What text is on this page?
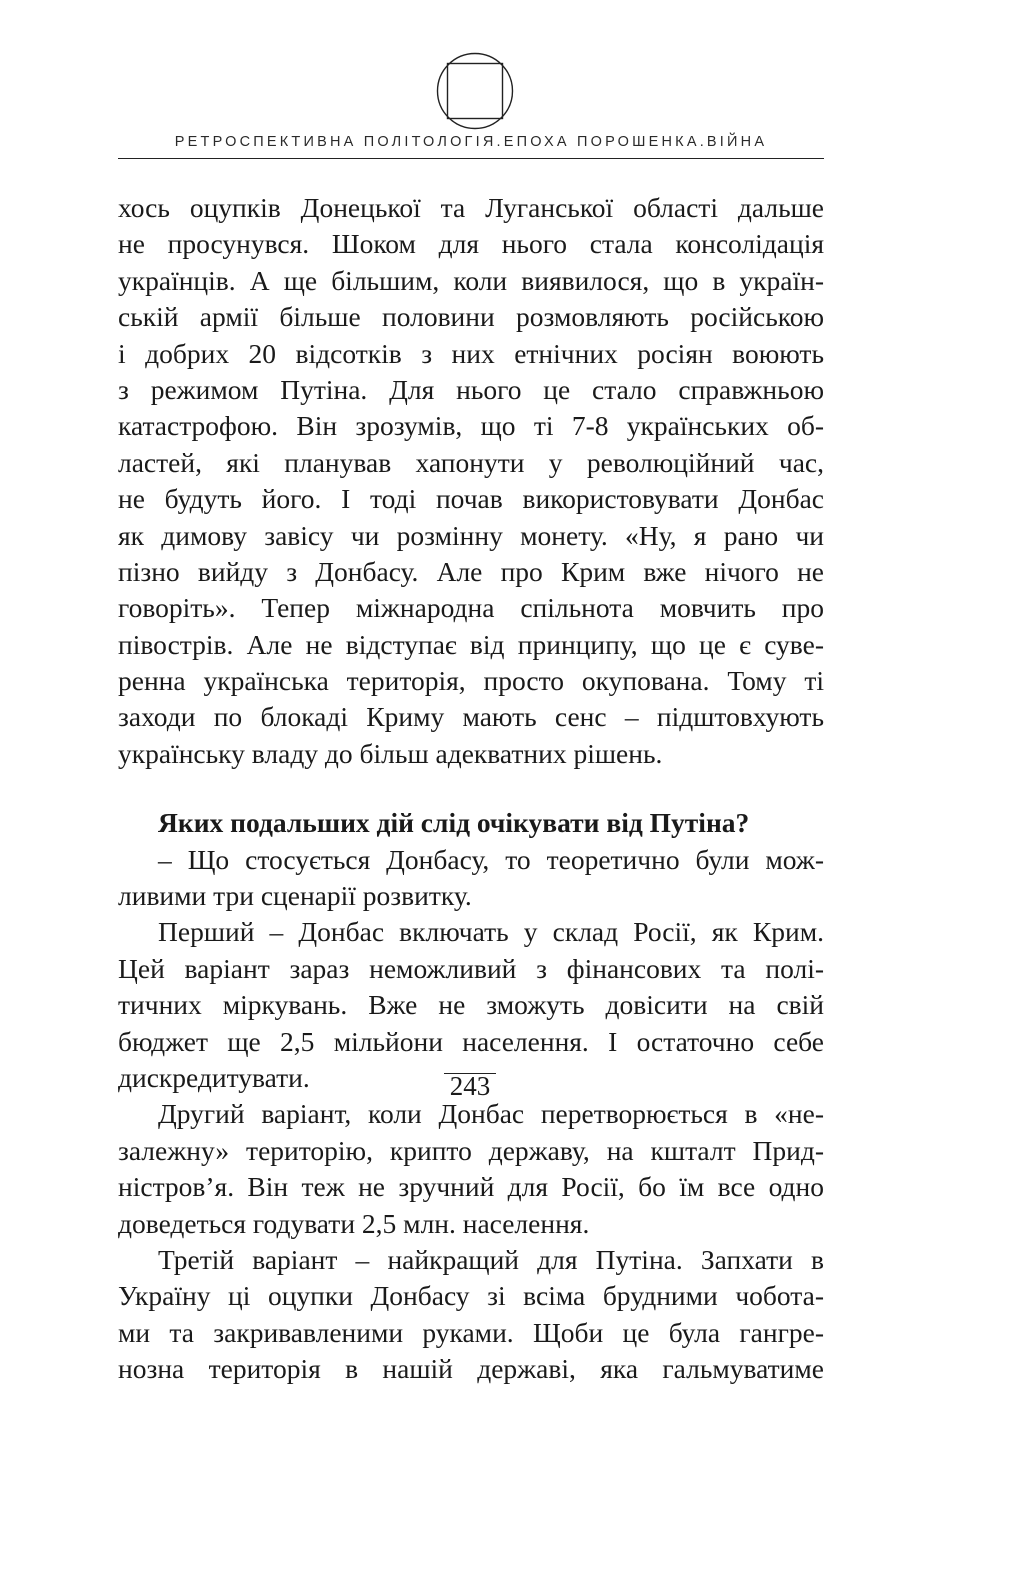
РЕТРОСПЕКТИВНА ПОЛІТОЛОГІЯ.ЕПОХА ПОРОШЕНКА.ВІЙНА
хось оцупків Донецької та Луганської області дальше
не просунувся. Шоком для нього стала консолідація
українців. А ще більшим, коли виявилося, що в україн-
ській армії більше половини розмовляють російською
і добрих 20 відсотків з них етнічних росіян воюють
з режимом Путіна. Для нього це стало справжньою
катастрофою. Він зрозумів, що ті 7-8 українських об-
ластей, які планував хапонути у революційний час,
не будуть його. І тоді почав використовувати Донбас
як димову завісу чи розмінну монету. «Ну, я рано чи
пізно вийду з Донбасу. Але про Крим вже нічого не
говоріть». Тепер міжнародна спільнота мовчить про
півострів. Але не відступає від принципу, що це є суве-
ренна українська територія, просто окупована. Тому ті
заходи по блокаді Криму мають сенс – підштовхують
українську владу до більш адекватних рішень.
Яких подальших дій слід очікувати від Путіна?
– Що стосується Донбасу, то теоретично були мож-
ливими три сценарії розвитку.
Перший – Донбас включать у склад Росії, як Крим.
Цей варіант зараз неможливий з фінансових та полі-
тичних міркувань. Вже не зможуть довісити на свій
бюджет ще 2,5 мільйони населення. І остаточно себе
дискредитувати.
Другий варіант, коли Донбас перетворюється в «не-
залежну» територію, крипто державу, на кшталт Прид-
ністров’я. Він теж не зручний для Росії, бо їм все одно
доведеться годувати 2,5 млн. населення.
Третій варіант – найкращий для Путіна. Запхати в
Україну ці оцупки Донбасу зі всіма брудними чобота-
ми та закривавленими руками. Щоби це була гангре-
нозна територія в нашій державі, яка гальмуватиме
243
